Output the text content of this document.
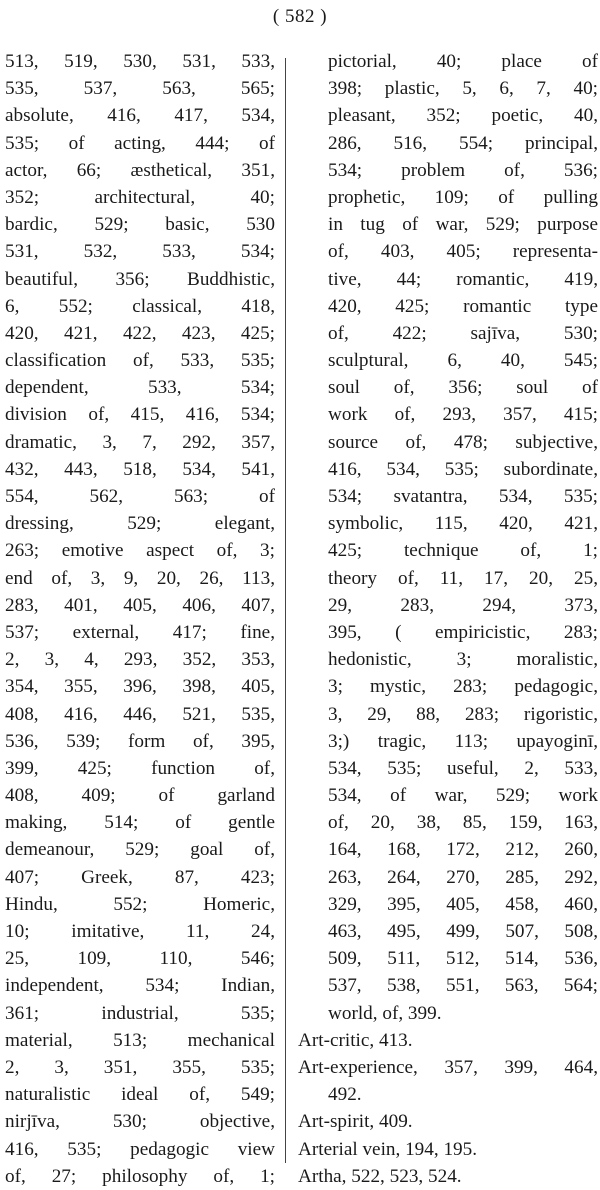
( 582 )
513, 519, 530, 531, 533,
535, 537, 563, 565;
absolute, 416, 417, 534,
535; of acting, 444; of
actor, 66; æsthetical, 351,
352; architectural, 40;
bardic, 529; basic, 530
531, 532, 533, 534;
beautiful, 356; Buddhistic,
6, 552; classical, 418,
420, 421, 422, 423, 425;
classification of, 533, 535;
dependent, 533, 534;
division of, 415, 416, 534;
dramatic, 3, 7, 292, 357,
432, 443, 518, 534, 541,
554, 562, 563; of
dressing, 529; elegant,
263; emotive aspect of, 3;
end of, 3, 9, 20, 26, 113,
283, 401, 405, 406, 407,
537; external, 417; fine,
2, 3, 4, 293, 352, 353,
354, 355, 396, 398, 405,
408, 416, 446, 521, 535,
536, 539; form of, 395,
399, 425; function of,
408, 409; of garland
making, 514; of gentle
demeanour, 529; goal of,
407; Greek, 87, 423;
Hindu, 552; Homeric,
10; imitative, 11, 24,
25, 109, 110, 546;
independent, 534; Indian,
361; industrial, 535;
material, 513; mechanical
2, 3, 351, 355, 535;
naturalistic ideal of, 549;
nirjīva, 530; objective,
416, 535; pedagogic view
of, 27; philosophy of, 1;
pictorial, 40; place of
398; plastic, 5, 6, 7, 40;
pleasant, 352; poetic, 40,
286, 516, 554; principal,
534; problem of, 536;
prophetic, 109; of pulling
in tug of war, 529; purpose
of, 403, 405; representa-
tive, 44; romantic, 419,
420, 425; romantic type
of, 422; sajīva, 530;
sculptural, 6, 40, 545;
soul of, 356; soul of
work of, 293, 357, 415;
source of, 478; subjective,
416, 534, 535; subordinate,
534; svatantra, 534, 535;
symbolic, 115, 420, 421,
425; technique of, 1;
theory of, 11, 17, 20, 25,
29, 283, 294, 373,
395, ( empiricistic, 283;
hedonistic, 3; moralistic,
3; mystic, 283; pedagogic,
3, 29, 88, 283; rigoristic,
3;) tragic, 113; upayoginī,
534, 535; useful, 2, 533,
534, of war, 529; work
of, 20, 38, 85, 159, 163,
164, 168, 172, 212, 260,
263, 264, 270, 285, 292,
329, 395, 405, 458, 460,
463, 495, 499, 507, 508,
509, 511, 512, 514, 536,
537, 538, 551, 563, 564;
world, of, 399.
Art-critic, 413.
Art-experience, 357, 399, 464,
492.
Art-spirit, 409.
Arterial vein, 194, 195.
Artha, 522, 523, 524.
